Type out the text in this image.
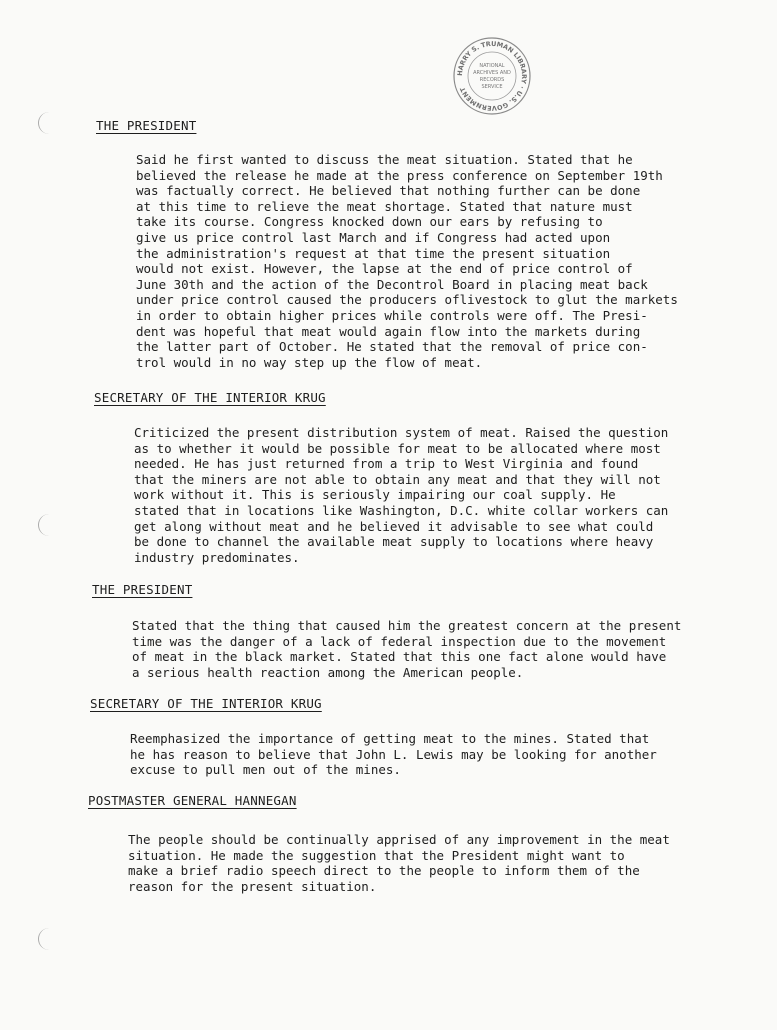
HARRY S. TRUMAN LIBRARY · U.S. GOVERNMENT
NATIONAL
ARCHIVES AND
RECORDS
SERVICE
THE PRESIDENT
Said he first wanted to discuss the meat situation. Stated that he
believed the release he made at the press conference on September 19th
was factually correct. He believed that nothing further can be done
at this time to relieve the meat shortage. Stated that nature must
take its course. Congress knocked down our ears by refusing to
give us price control last March and if Congress had acted upon
the administration's request at that time the present situation
would not exist. However, the lapse at the end of price control of
June 30th and the action of the Decontrol Board in placing meat back
under price control caused the producers oflivestock to glut the markets
in order to obtain higher prices while controls were off. The Presi-
dent was hopeful that meat would again flow into the markets during
the latter part of October. He stated that the removal of price con-
trol would in no way step up the flow of meat.
SECRETARY OF THE INTERIOR KRUG
Criticized the present distribution system of meat. Raised the question
as to whether it would be possible for meat to be allocated where most
needed. He has just returned from a trip to West Virginia and found
that the miners are not able to obtain any meat and that they will not
work without it. This is seriously impairing our coal supply. He
stated that in locations like Washington, D.C. white collar workers can
get along without meat and he believed it advisable to see what could
be done to channel the available meat supply to locations where heavy
industry predominates.
THE PRESIDENT
Stated that the thing that caused him the greatest concern at the present
time was the danger of a lack of federal inspection due to the movement
of meat in the black market. Stated that this one fact alone would have
a serious health reaction among the American people.
SECRETARY OF THE INTERIOR KRUG
Reemphasized the importance of getting meat to the mines. Stated that
he has reason to believe that John L. Lewis may be looking for another
excuse to pull men out of the mines.
POSTMASTER GENERAL HANNEGAN
The people should be continually apprised of any improvement in the meat
situation. He made the suggestion that the President might want to
make a brief radio speech direct to the people to inform them of the
reason for the present situation.
